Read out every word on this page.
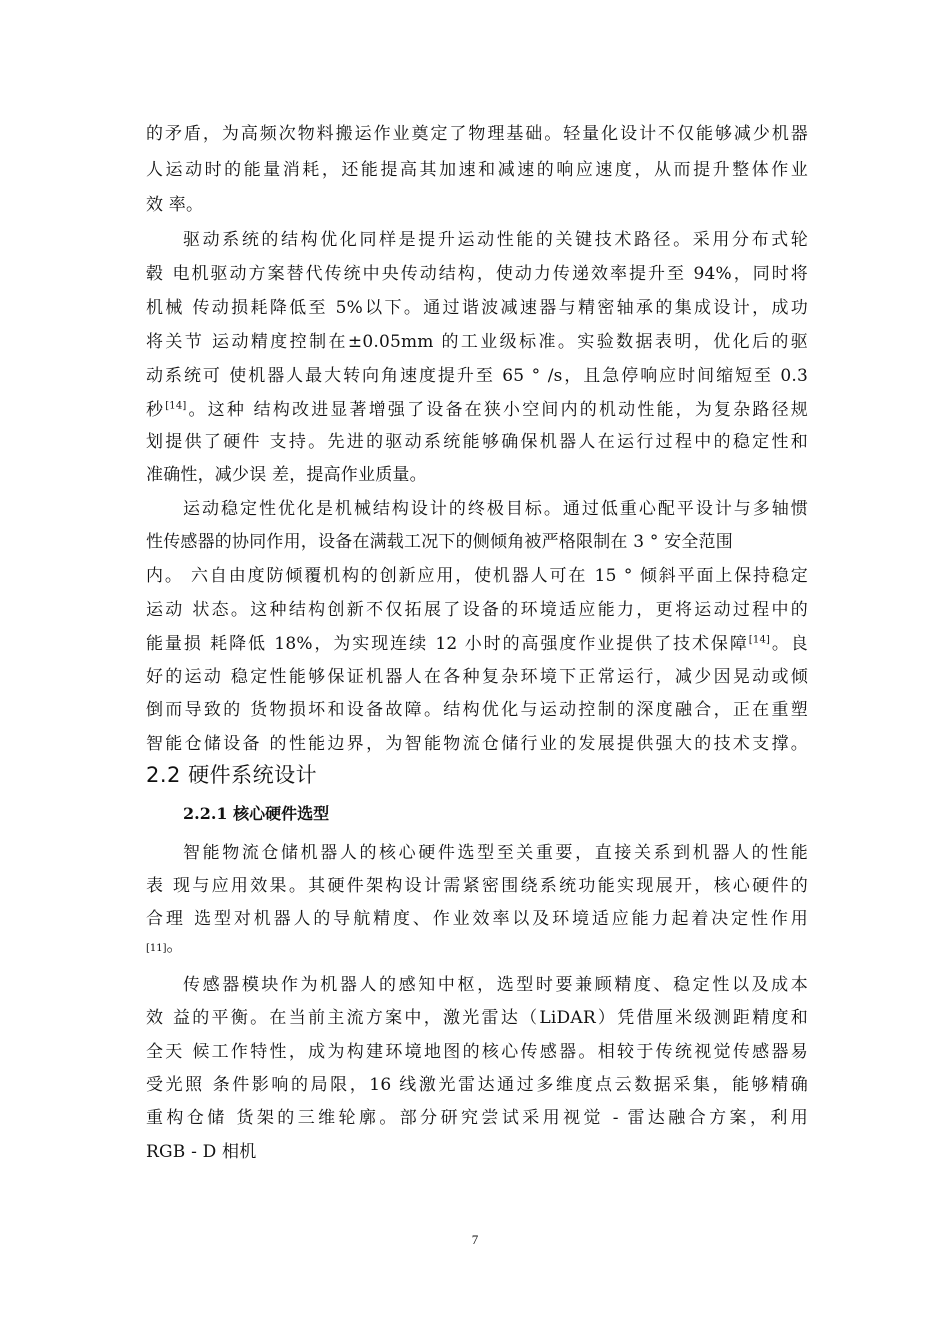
的矛盾，为高频次物料搬运作业奠定了物理基础。轻量化设计不仅能够减少机器
人运动时的能量消耗，还能提高其加速和减速的响应速度，从而提升整体作业
效 率。
驱动系统的结构优化同样是提升运动性能的关键技术路径。采用分布式轮
毂 电机驱动方案替代传统中央传动结构，使动力传递效率提升至 94%，同时将
机械 传动损耗降低至 5%以下。通过谐波减速器与精密轴承的集成设计，成功
将关节 运动精度控制在±0.05mm 的工业级标准。实验数据表明，优化后的驱
动系统可 使机器人最大转向角速度提升至 65 ° /s，且急停响应时间缩短至 0.3
秒[14]。这种 结构改进显著增强了设备在狭小空间内的机动性能，为复杂路径规
划提供了硬件 支持。先进的驱动系统能够确保机器人在运行过程中的稳定性和
准确性，减少误 差，提高作业质量。
运动稳定性优化是机械结构设计的终极目标。通过低重心配平设计与多轴惯
性传感器的协同作用，设备在满载工况下的侧倾角被严格限制在 3 ° 安全范围
内。 六自由度防倾覆机构的创新应用，使机器人可在 15 ° 倾斜平面上保持稳定
运动 状态。这种结构创新不仅拓展了设备的环境适应能力，更将运动过程中的
能量损 耗降低 18%，为实现连续 12 小时的高强度作业提供了技术保障[14]。良
好的运动 稳定性能够保证机器人在各种复杂环境下正常运行，减少因晃动或倾
倒而导致的 货物损坏和设备故障。结构优化与运动控制的深度融合，正在重塑
智能仓储设备 的性能边界，为智能物流仓储行业的发展提供强大的技术支撑。
2.2 硬件系统设计
2.2.1 核心硬件选型
智能物流仓储机器人的核心硬件选型至关重要，直接关系到机器人的性能
表 现与应用效果。其硬件架构设计需紧密围绕系统功能实现展开，核心硬件的
合理 选型对机器人的导航精度、作业效率以及环境适应能力起着决定性作用
[11]。
传感器模块作为机器人的感知中枢，选型时要兼顾精度、稳定性以及成本
效 益的平衡。在当前主流方案中，激光雷达（LiDAR）凭借厘米级测距精度和
全天 候工作特性，成为构建环境地图的核心传感器。相较于传统视觉传感器易
受光照 条件影响的局限，16 线激光雷达通过多维度点云数据采集，能够精确
重构仓储 货架的三维轮廓。部分研究尝试采用视觉 - 雷达融合方案，利用
RGB - D 相机
7
